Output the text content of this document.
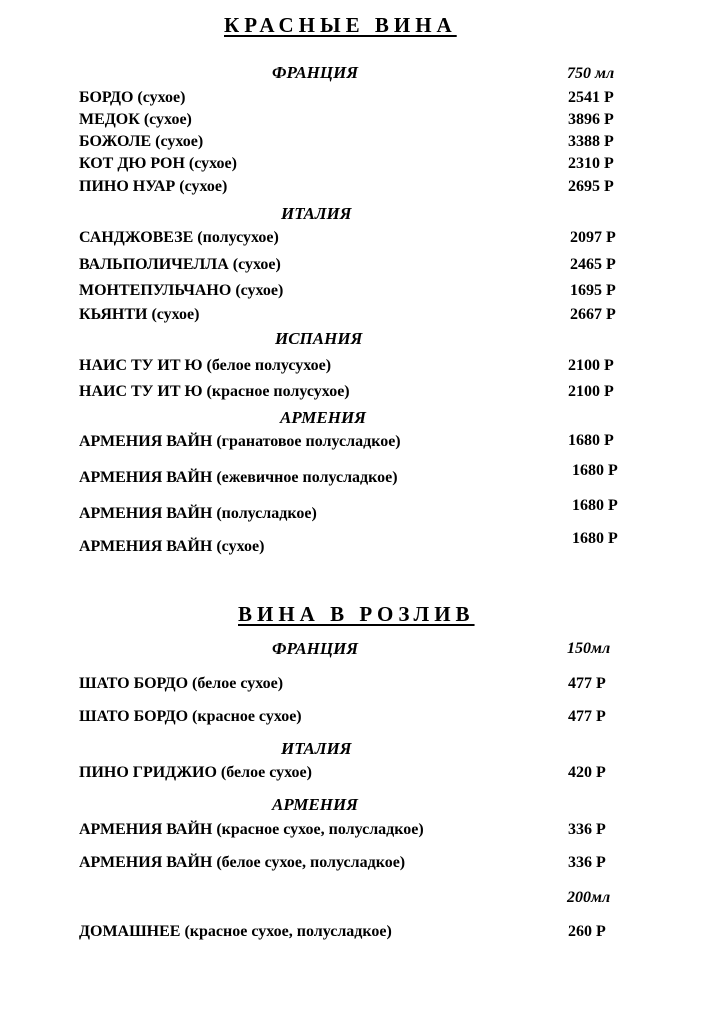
КРАСНЫЕ ВИНА
ФРАНЦИЯ	750 мл
БОРДО (сухое)	2541 Р
МЕДОК (сухое)	3896 Р
БОЖОЛЕ (сухое)	3388 Р
КОТ ДЮ РОН (сухое)	2310 Р
ПИНО НУАР (сухое)	2695 Р
ИТАЛИЯ
САНДЖОВЕЗЕ (полусухое)	2097 Р
ВАЛЬПОЛИЧЕЛЛА (сухое)	2465 Р
МОНТЕПУЛЬЧАНО (сухое)	1695 Р
КЬЯНТИ (сухое)	2667 Р
ИСПАНИЯ
НАИС ТУ ИТ Ю (белое полусухое)	2100 Р
НАИС ТУ ИТ Ю (красное полусухое)	2100 Р
АРМЕНИЯ
АРМЕНИЯ ВАЙН (гранатовое полусладкое)	1680 Р
АРМЕНИЯ ВАЙН (ежевичное полусладкое)	1680 Р
АРМЕНИЯ ВАЙН (полусладкое)	1680 Р
АРМЕНИЯ ВАЙН (сухое)	1680 Р
ВИНА В РОЗЛИВ
ФРАНЦИЯ	150мл
ШАТО БОРДО (белое сухое)	477 Р
ШАТО БОРДО (красное сухое)	477 Р
ИТАЛИЯ
ПИНО ГРИДЖИО (белое сухое)	420 Р
АРМЕНИЯ
АРМЕНИЯ ВАЙН (красное сухое, полусладкое)	336 Р
АРМЕНИЯ ВАЙН (белое сухое, полусладкое)	336 Р
200мл
ДОМАШНЕЕ (красное сухое, полусладкое)	260 Р
